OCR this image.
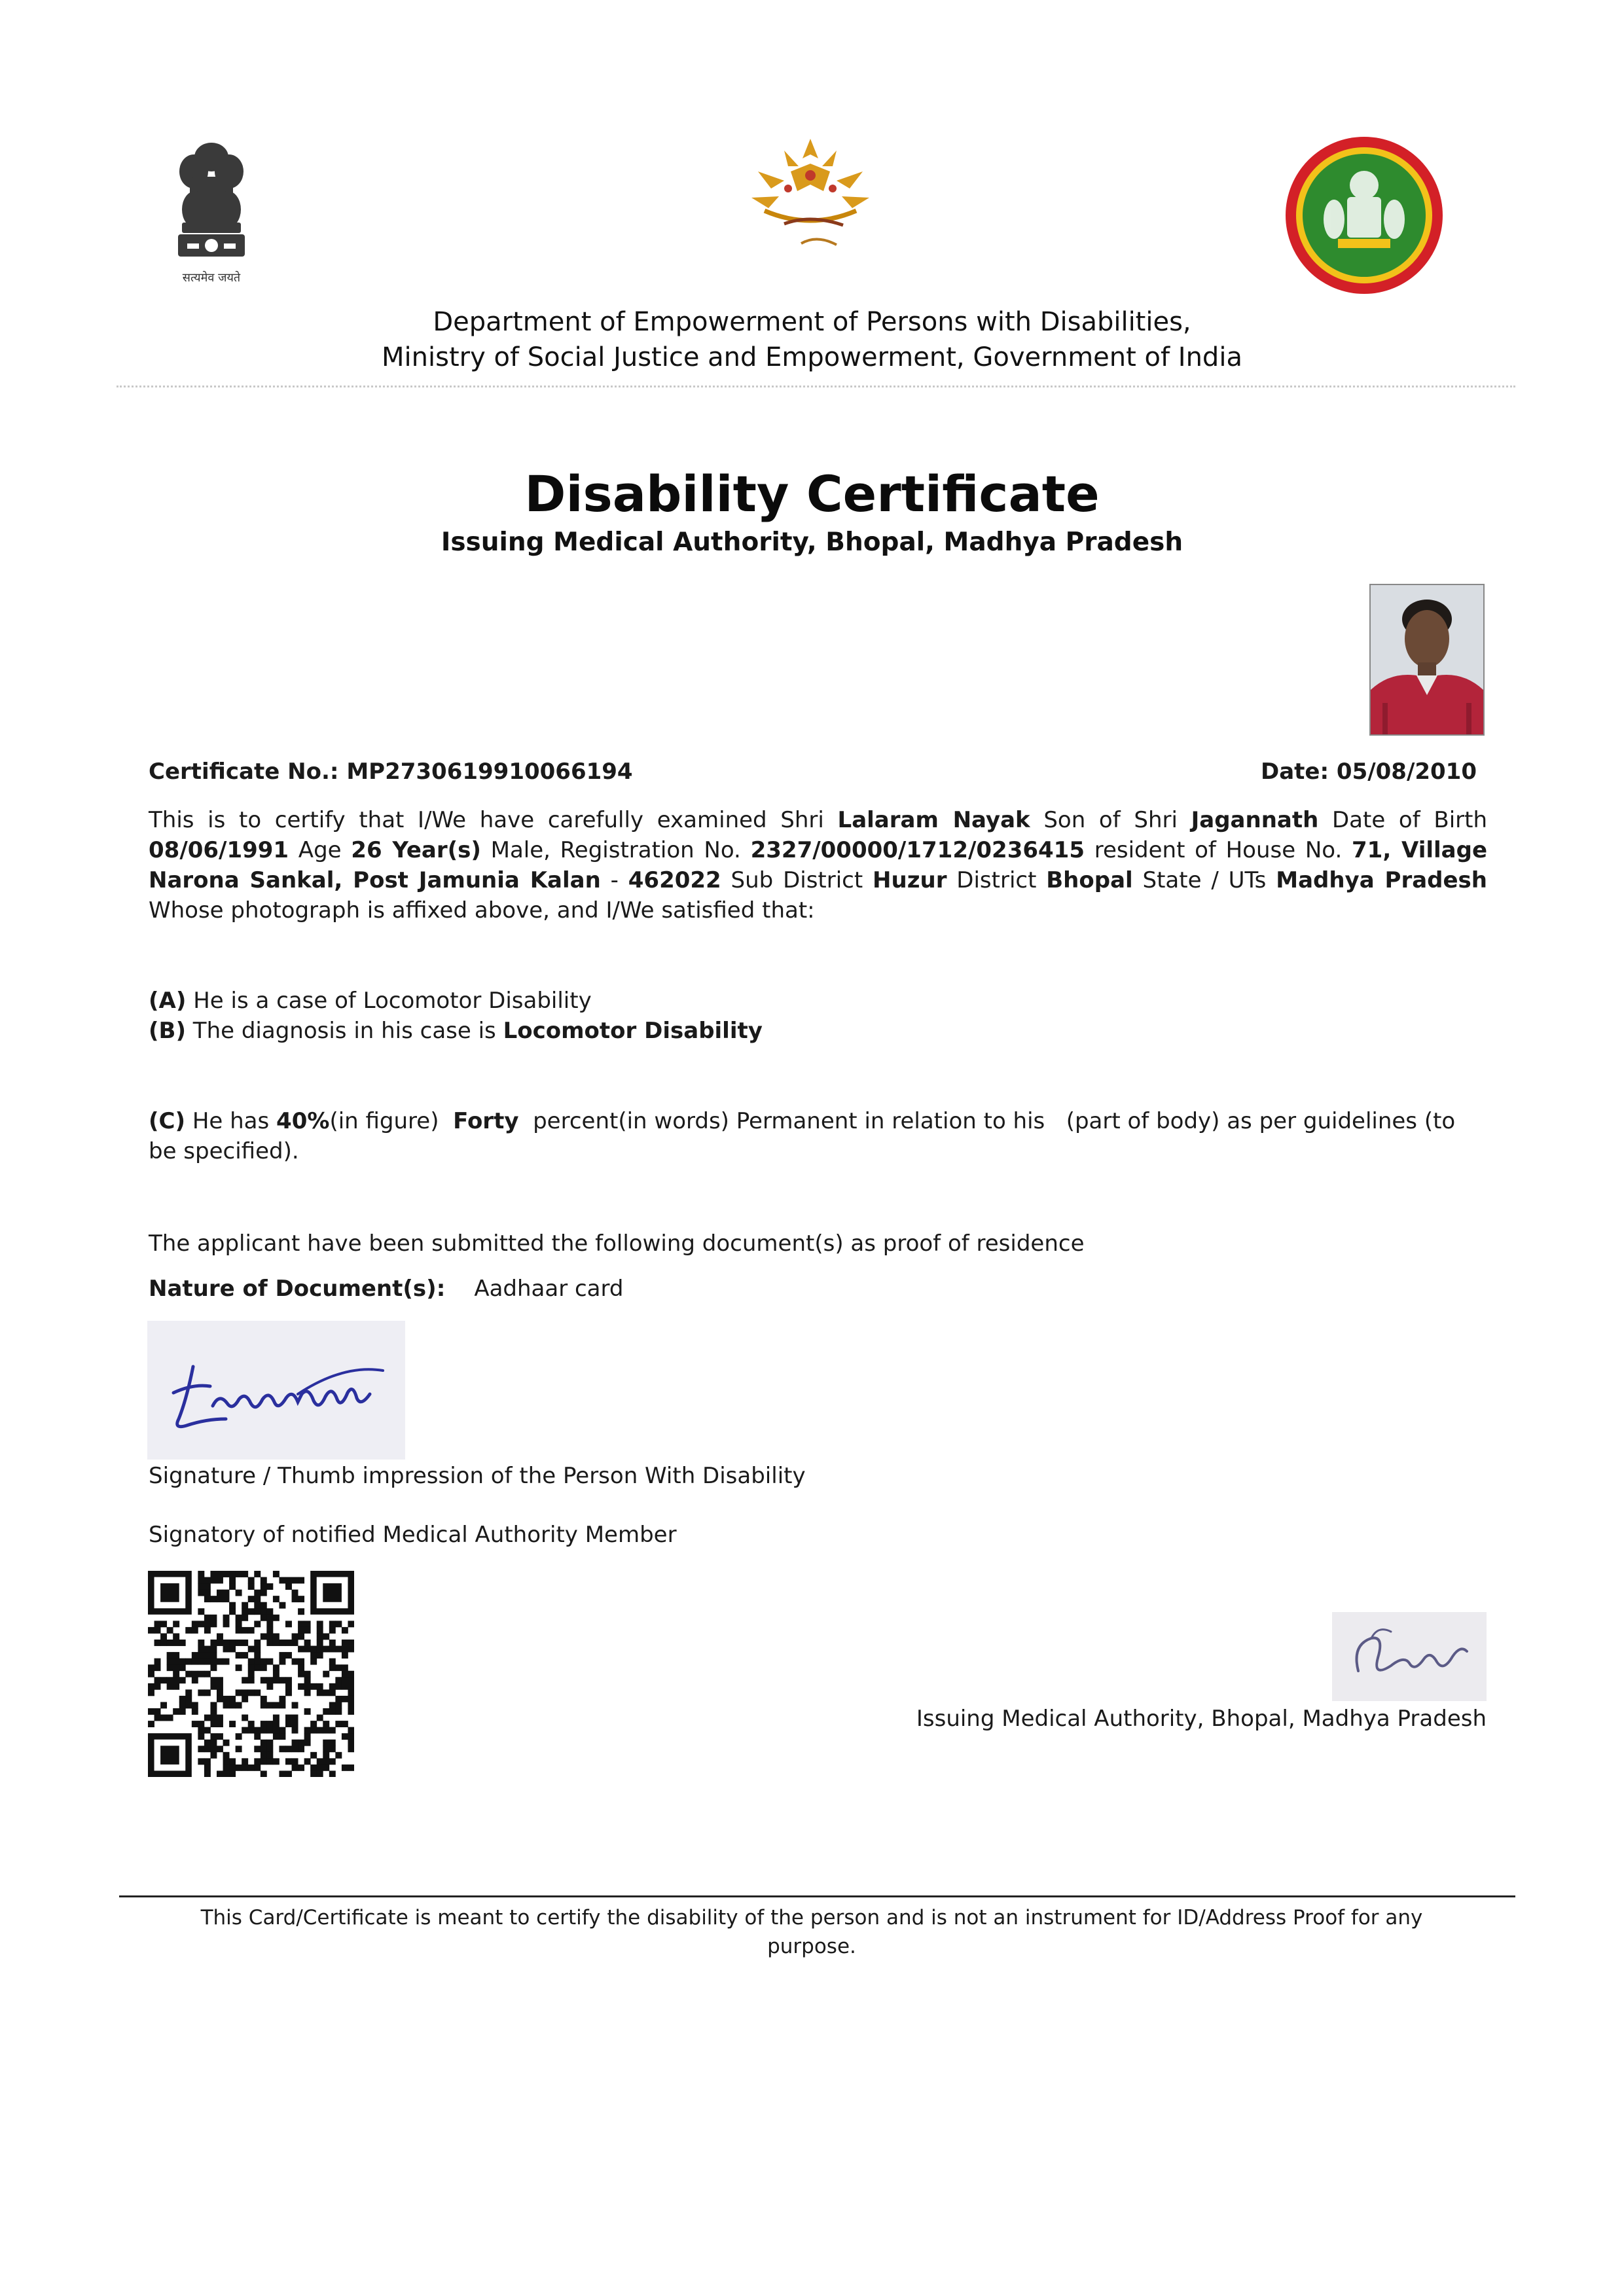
सत्यमेव जयते
Department of Empowerment of Persons with Disabilities,
Ministry of Social Justice and Empowerment, Government of India
Disability Certificate
Issuing Medical Authority, Bhopal, Madhya Pradesh
Certificate No.: MP2730619910066194	Date: 05/08/2010
This is to certify that I/We have carefully examined Shri Lalaram Nayak Son of Shri Jagannath Date of Birth 08/06/1991 Age 26 Year(s) Male, Registration No. 2327/00000/1712/0236415 resident of House No. 71, Village Narona Sankal, Post Jamunia Kalan - 462022 Sub District Huzur District Bhopal State / UTs Madhya Pradesh Whose photograph is affixed above, and I/We satisfied that:
(A) He is a case of Locomotor Disability
(B) The diagnosis in his case is Locomotor Disability
(C) He has 40%(in figure)  Forty  percent(in words) Permanent in relation to his   (part of body) as per guidelines (to be specified).
The applicant have been submitted the following document(s) as proof of residence
Nature of Document(s): Aadhaar card
Signature / Thumb impression of the Person With Disability
Signatory of notified Medical Authority Member
Issuing Medical Authority, Bhopal, Madhya Pradesh
This Card/Certificate is meant to certify the disability of the person and is not an instrument for ID/Address Proof for any purpose.
